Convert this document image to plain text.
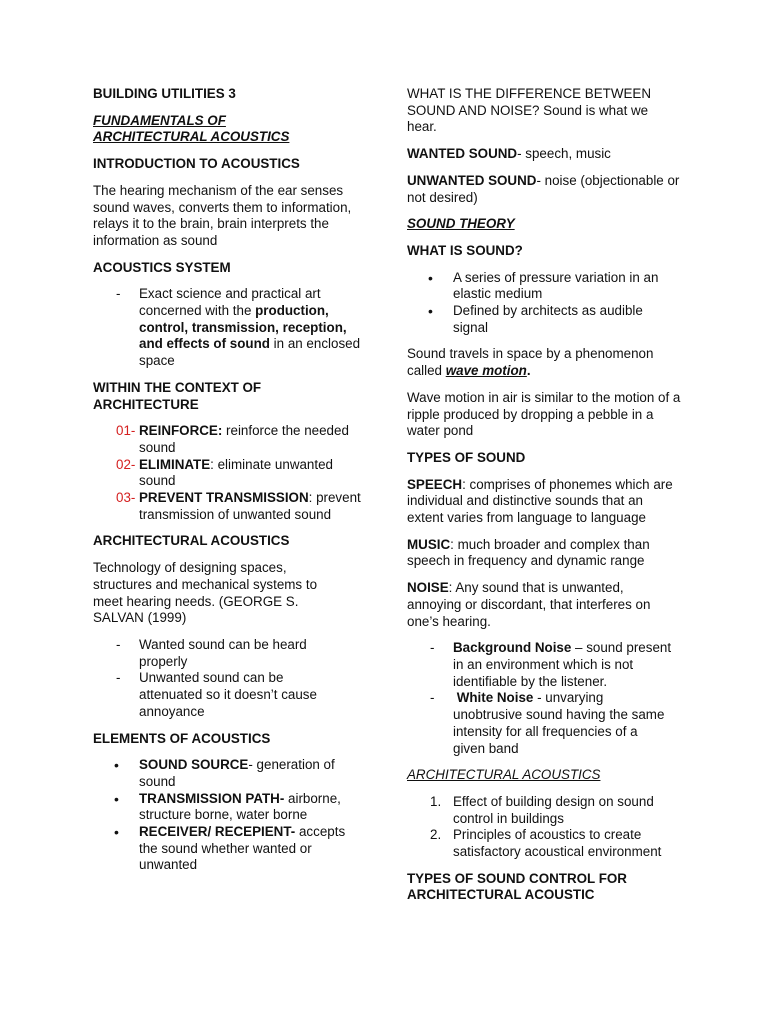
BUILDING UTILITIES 3

FUNDAMENTALS OF ARCHITECTURAL ACOUSTICS

INTRODUCTION TO ACOUSTICS

The hearing mechanism of the ear senses sound waves, converts them to information, relays it to the brain, brain interprets the information as sound

ACOUSTICS SYSTEM

- Exact science and practical art concerned with the production, control, transmission, reception, and effects of sound in an enclosed space

WITHIN THE CONTEXT OF ARCHITECTURE

01- REINFORCE: reinforce the needed sound
02- ELIMINATE: eliminate unwanted sound
03- PREVENT TRANSMISSION: prevent transmission of unwanted sound

ARCHITECTURAL ACOUSTICS

Technology of designing spaces, structures and mechanical systems to meet hearing needs. (GEORGE S. SALVAN (1999)

- Wanted sound can be heard properly
- Unwanted sound can be attenuated so it doesn’t cause annoyance

ELEMENTS OF ACOUSTICS

• SOUND SOURCE- generation of sound
• TRANSMISSION PATH- airborne, structure borne, water borne
• RECEIVER/ RECEPIENT- accepts the sound whether wanted or unwanted

WHAT IS THE DIFFERENCE BETWEEN SOUND AND NOISE? Sound is what we hear.

WANTED SOUND- speech, music

UNWANTED SOUND- noise (objectionable or not desired)

SOUND THEORY

WHAT IS SOUND?

• A series of pressure variation in an elastic medium
• Defined by architects as audible signal

Sound travels in space by a phenomenon called wave motion.

Wave motion in air is similar to the motion of a ripple produced by dropping a pebble in a water pond

TYPES OF SOUND

SPEECH: comprises of phonemes which are individual and distinctive sounds that an extent varies from language to language

MUSIC: much broader and complex than speech in frequency and dynamic range

NOISE: Any sound that is unwanted, annoying or discordant, that interferes on one’s hearing.

- Background Noise – sound present in an environment which is not identifiable by the listener.
-  White Noise - unvarying unobtrusive sound having the same intensity for all frequencies of a given band

ARCHITECTURAL ACOUSTICS

1. Effect of building design on sound control in buildings
2. Principles of acoustics to create satisfactory acoustical environment

TYPES OF SOUND CONTROL FOR ARCHITECTURAL ACOUSTIC
